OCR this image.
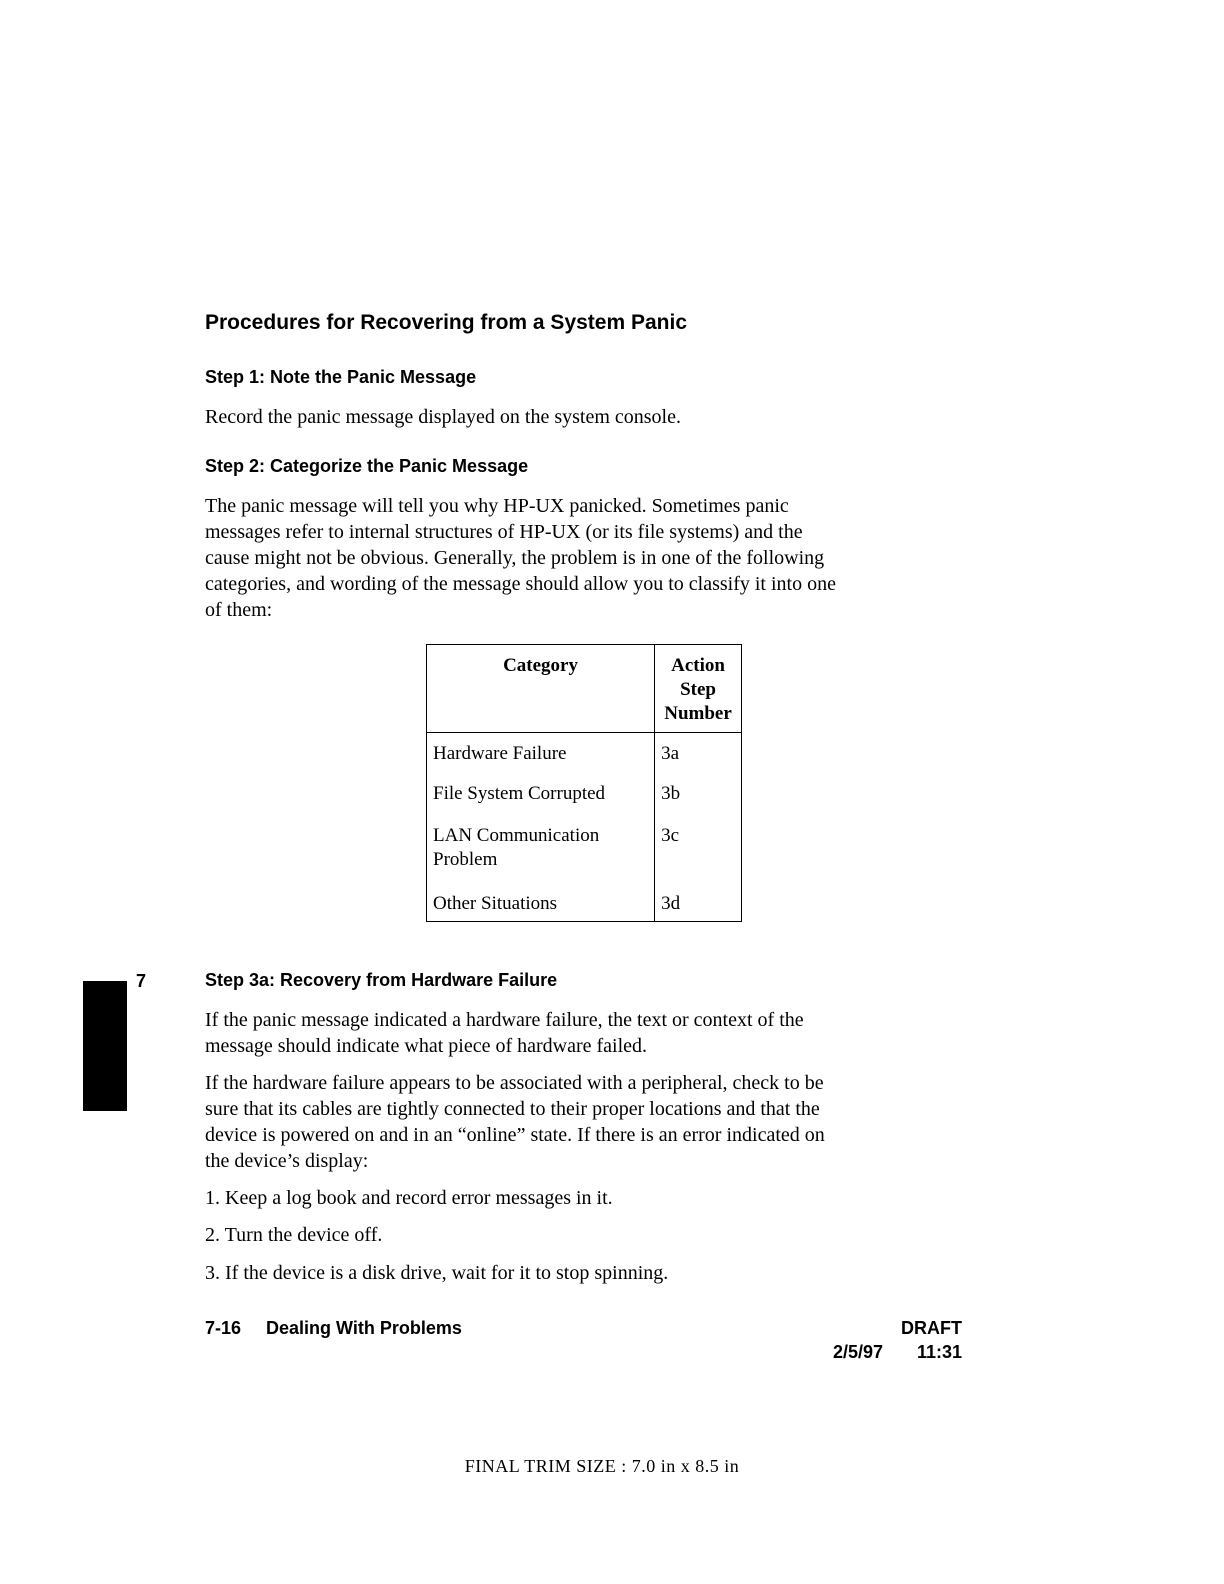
Procedures for Recovering from a System Panic
Step 1: Note the Panic Message
Record the panic message displayed on the system console.
Step 2: Categorize the Panic Message
The panic message will tell you why HP-UX panicked. Sometimes panic
messages refer to internal structures of HP-UX (or its file systems) and the
cause might not be obvious. Generally, the problem is in one of the following
categories, and wording of the message should allow you to classify it into one
of them:
Category	Action
Step
Number

Hardware Failure	3a
File System Corrupted	3b

LAN Communication
Problem	3c
Other Situations	3d
7	Step 3a: Recovery from Hardware Failure
If the panic message indicated a hardware failure, the text or context of the
message should indicate what piece of hardware failed.
If the hardware failure appears to be associated with a peripheral, check to be
sure that its cables are tightly connected to their proper locations and that the
device is powered on and in an “online” state. If there is an error indicated on
the device’s display:
1. Keep a log book and record error messages in it.
2. Turn the device off.
3. If the device is a disk drive, wait for it to stop spinning.
7-16 Dealing With Problems	DRAFT
2/5/97 11:31
FINAL TRIM SIZE : 7.0 in x 8.5 in
